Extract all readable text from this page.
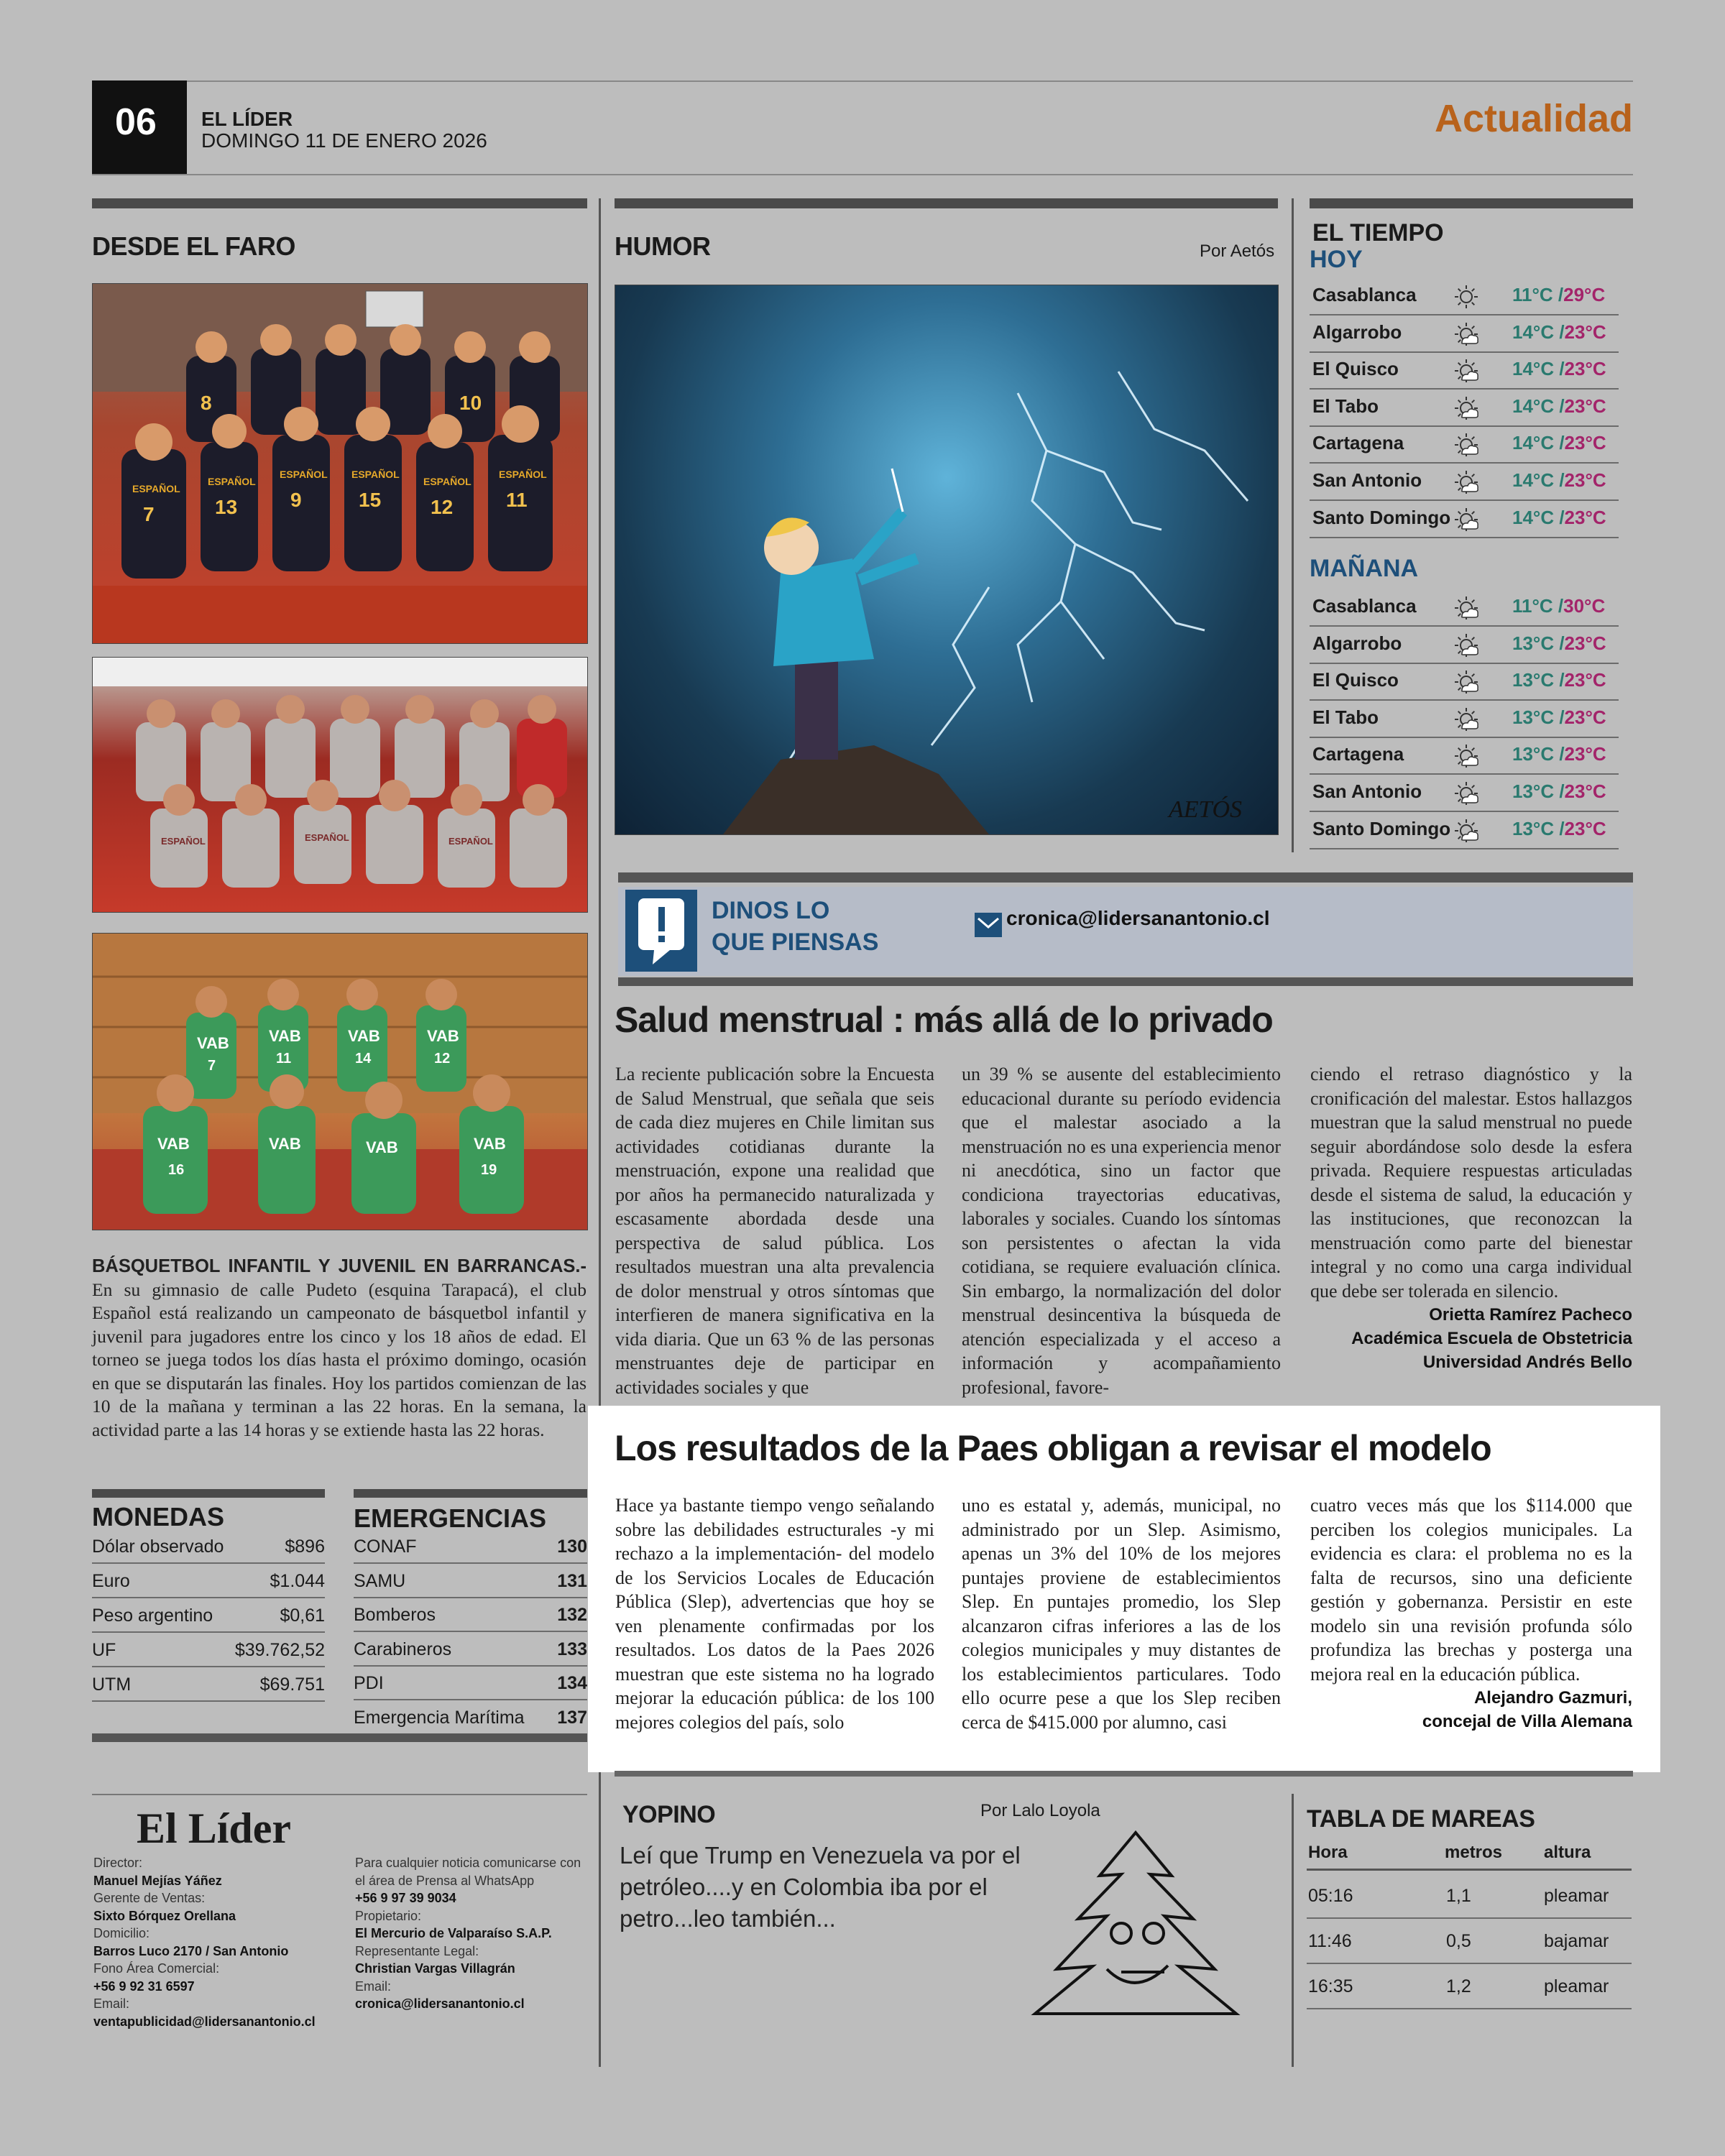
06 EL LÍDER
DOMINGO 11 DE ENERO 2026
Actualidad
DESDE EL FARO
ESPAÑOL
ESPAÑOL
ESPAÑOL ESPAÑOL
ESPAÑOL
ESPAÑOL
7	13	9	15 12	11
8	10
ESPAÑOL	ESPAÑOL	ESPAÑOL
VAB	VAB	VAB	VAB
VAB	VAB	VAB	VAB
7	11	14	12
16	19

BÁSQUETBOL INFANTIL Y JUVENIL EN BARRANCAS.- En su gimnasio de calle Pudeto (esquina Tarapacá), el club Español está realizando un campeonato de básquetbol infantil y juvenil para jugadores entre los cinco y los 18 años de edad. El torneo se juega todos los días hasta el próximo domingo, ocasión en que se disputarán las finales. Hoy los partidos comienzan de las 10 de la mañana y terminan a las 22 horas. En la semana, la actividad parte a las 14 horas y se extiende hasta las 22 horas.

HUMOR	Por Aetós
AETÓS
EL TIEMPO
HOY
Casablanca	11°C /29°C
Algarrobo	14°C /23°C
El Quisco	14°C /23°C
El Tabo	14°C /23°C
Cartagena	14°C /23°C
San Antonio	14°C /23°C
Santo Domingo	14°C /23°C
MAÑANA
Casablanca	11°C /30°C
Algarrobo	13°C /23°C
El Quisco	13°C /23°C
El Tabo	13°C /23°C
Cartagena	13°C /23°C
San Antonio	13°C /23°C
Santo Domingo	13°C /23°C
DINOS LO
QUE PIENSAS
cronica@lidersanantonio.cl
Salud menstrual : más allá de lo privado

La reciente publicación sobre la Encuesta de Salud Menstrual, que señala que seis de cada diez mujeres en Chile limitan sus actividades cotidianas durante la menstruación, expone una realidad que por años ha permanecido naturalizada y escasamente abordada desde una perspectiva de salud pública. Los resultados muestran una alta prevalencia de dolor menstrual y otros síntomas que interfieren de manera significativa en la vida diaria. Que un 63 % de las personas menstruantes deje de participar en actividades sociales y que

un 39 % se ausente del establecimiento educacional durante su período evidencia que el malestar asociado a la menstruación no es una experiencia menor ni anecdótica, sino un factor que condiciona trayectorias educativas, laborales y sociales. Cuando los síntomas son persistentes o afectan la vida cotidiana, se requiere evaluación clínica. Sin embargo, la normalización del dolor menstrual desincentiva la búsqueda de atención especializada y el acceso a información y acompañamiento profesional, favore-

ciendo el retraso diagnóstico y la cronificación del malestar. Estos hallazgos muestran que la salud menstrual no puede seguir abordándose solo desde la esfera privada. Requiere respuestas articuladas desde el sistema de salud, la educación y las instituciones, que reconozcan la menstruación como parte del bienestar integral y no como una carga individual que debe ser tolerada en silencio.

Orietta Ramírez Pacheco
Académica Escuela de Obstetricia
Universidad Andrés Bello
Los resultados de la Paes obligan a revisar el modelo

Hace ya bastante tiempo vengo señalando sobre las debilidades estructurales -y mi rechazo a la implementación- del modelo de los Servicios Locales de Educación Pública (Slep), advertencias que hoy se ven plenamente confirmadas por los resultados. Los datos de la Paes 2026 muestran que este sistema no ha logrado mejorar la educación pública: de los 100 mejores colegios del país, solo

uno es estatal y, además, municipal, no administrado por un Slep. Asimismo, apenas un 3% del 10% de los mejores puntajes proviene de establecimientos Slep. En puntajes promedio, los Slep alcanzaron cifras inferiores a las de los colegios municipales y muy distantes de los establecimientos particulares. Todo ello ocurre pese a que los Slep reciben cerca de $415.000 por alumno, casi

cuatro veces más que los $114.000 que perciben los colegios municipales. La evidencia es clara: el problema no es la falta de recursos, sino una deficiente gestión y gobernanza. Persistir en este modelo sin una revisión profunda sólo profundiza las brechas y posterga una mejora real en la educación pública.

Alejandro Gazmuri,
concejal de Villa Alemana
MONEDAS
Dólar observado	$896
Euro	$1.044
Peso argentino	$0,61
UF	$39.762,52
UTM	$69.751
EMERGENCIAS
CONAF	130
SAMU	131
Bomberos	132
Carabineros	133
PDI	134
Emergencia Marítima 137
El Líder
Director:
Manuel Mejías Yáñez
Gerente de Ventas:
Sixto Bórquez Orellana
Domicilio:
Barros Luco 2170 / San Antonio
Fono Área Comercial:
+56 9 92 31 6597
Email:
ventapublicidad@lidersanantonio.cl
Para cualquier noticia comunicarse con el área de Prensa al WhatsApp
+56 9 97 39 9034
Propietario:
El Mercurio de Valparaíso S.A.P.
Representante Legal:
Christian Vargas Villagrán
Email:
cronica@lidersanantonio.cl
YOPINO	Por Lalo Loyola

Leí que Trump en Venezuela va por el petróleo....y en Colombia iba por el petro...leo también...

TABLA DE MAREAS
Hora	metros altura
05:16	1,1	pleamar
11:46	0,5	bajamar
16:35	1,2	pleamar
